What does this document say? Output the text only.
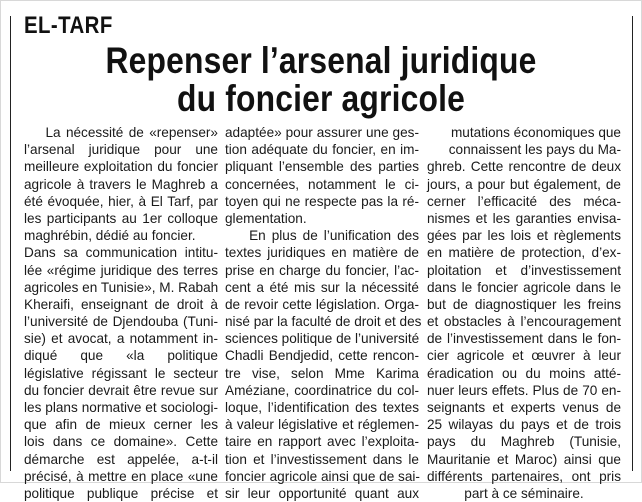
EL-TARF
Repenser l’arsenal juridique
du foncier agricole
La nécessité de «repenser»
l’arsenal juridique pour une
meilleure exploitation du foncier
agricole à travers le Maghreb a
été évoquée, hier, à El Tarf, par
les participants au 1er colloque
maghrébin, dédié au foncier.
Dans sa communication intitu-
lée «régime juridique des terres
agricoles en Tunisie», M. Rabah
Kheraifi, enseignant de droit à
l’université de Djendouba (Tuni-
sie) et avocat, a notamment in-
diqué que «la politique
législative régissant le secteur
du foncier devrait être revue sur
les plans normative et sociologi-
que afin de mieux cerner les
lois dans ce domaine». Cette
démarche est appelée, a-t-il
précisé, à mettre en place «une
politique publique précise et
adaptée» pour assurer une ges-
tion adéquate du foncier, en im-
pliquant l’ensemble des parties
concernées, notamment le ci-
toyen qui ne respecte pas la ré-
glementation.
En plus de l’unification des
textes juridiques en matière de
prise en charge du foncier, l’ac-
cent a été mis sur la nécessité
de revoir cette législation. Orga-
nisé par la faculté de droit et des
sciences politique de l’université
Chadli Bendjedid, cette rencon-
tre vise, selon Mme Karima
Améziane, coordinatrice du col-
loque, l’identification des textes
à valeur législative et réglemen-
taire en rapport avec l’exploita-
tion et l’investissement dans le
foncier agricole ainsi que de sai-
sir leur opportunité quant aux
mutations économiques que
connaissent les pays du Ma-
ghreb. Cette rencontre de deux
jours, a pour but également, de
cerner l’efficacité des méca-
nismes et les garanties envisa-
gées par les lois et règlements
en matière de protection, d’ex-
ploitation et d’investissement
dans le foncier agricole dans le
but de diagnostiquer les freins
et obstacles à l’encouragement
de l’investissement dans le fon-
cier agricole et œuvrer à leur
éradication ou du moins atté-
nuer leurs effets. Plus de 70 en-
seignants et experts venus de
25 wilayas du pays et de trois
pays du Maghreb (Tunisie,
Mauritanie et Maroc) ainsi que
différents partenaires, ont pris
part à ce séminaire.
